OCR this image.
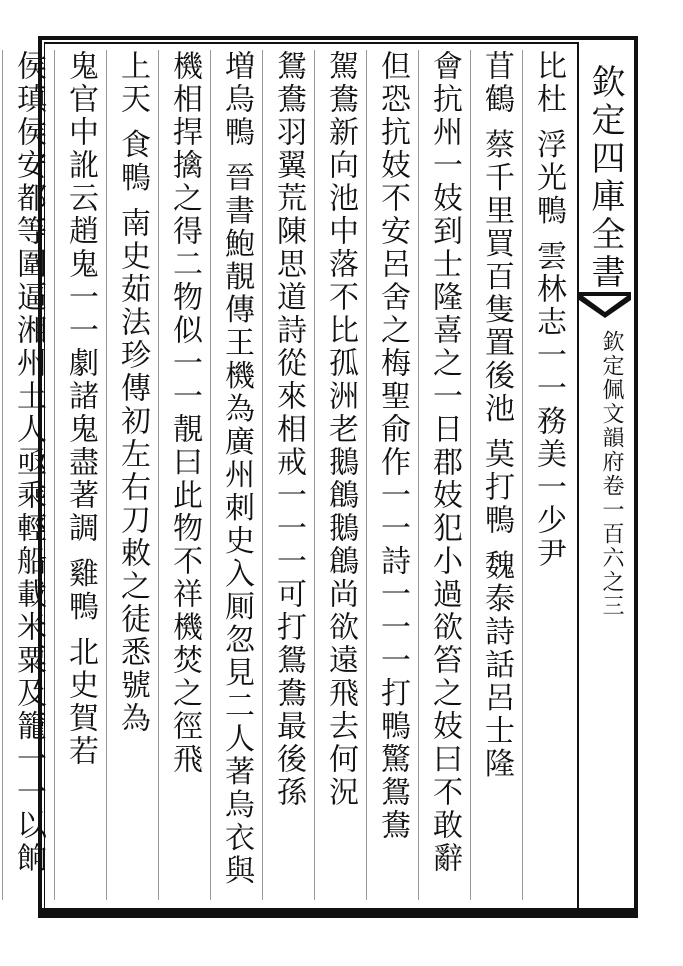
欽定四庫全書
欽定佩文韻府卷一百六之三
比杜 浮光鴨 雲林志一一務美一少尹
苜鶴 蔡千里買百隻置後池 莫打鴨 魏泰詩話呂士隆
會抗州一妓到士隆喜之一日郡妓犯小過欲笞之妓曰不敢辭
但恐抗妓不安呂舍之梅聖俞作一一詩一一一打鴨驚鴛鴦
駕鴦新向池中落不比孤洲老鵝鶬鵝鶬尚欲遠飛去何況
鴛鴦羽翼荒陳思道詩從來相戒一一一可打鴛鴦最後孫
増烏鴨 晉書鮑靚傳王機為廣州刺史入厠忽見二人著烏衣與
機相捍擒之得二物似一一靚曰此物不祥機焚之徑飛
上天 食鴨 南史茹法珍傳初左右刀敕之徒悉號為
鬼官中訛云趙鬼一一劇諸鬼盡著調 雞鴨 北史賀若
侯瑱侯安都等圍逼湘州土人亟乘輕船載米粟及籠一一以餉
